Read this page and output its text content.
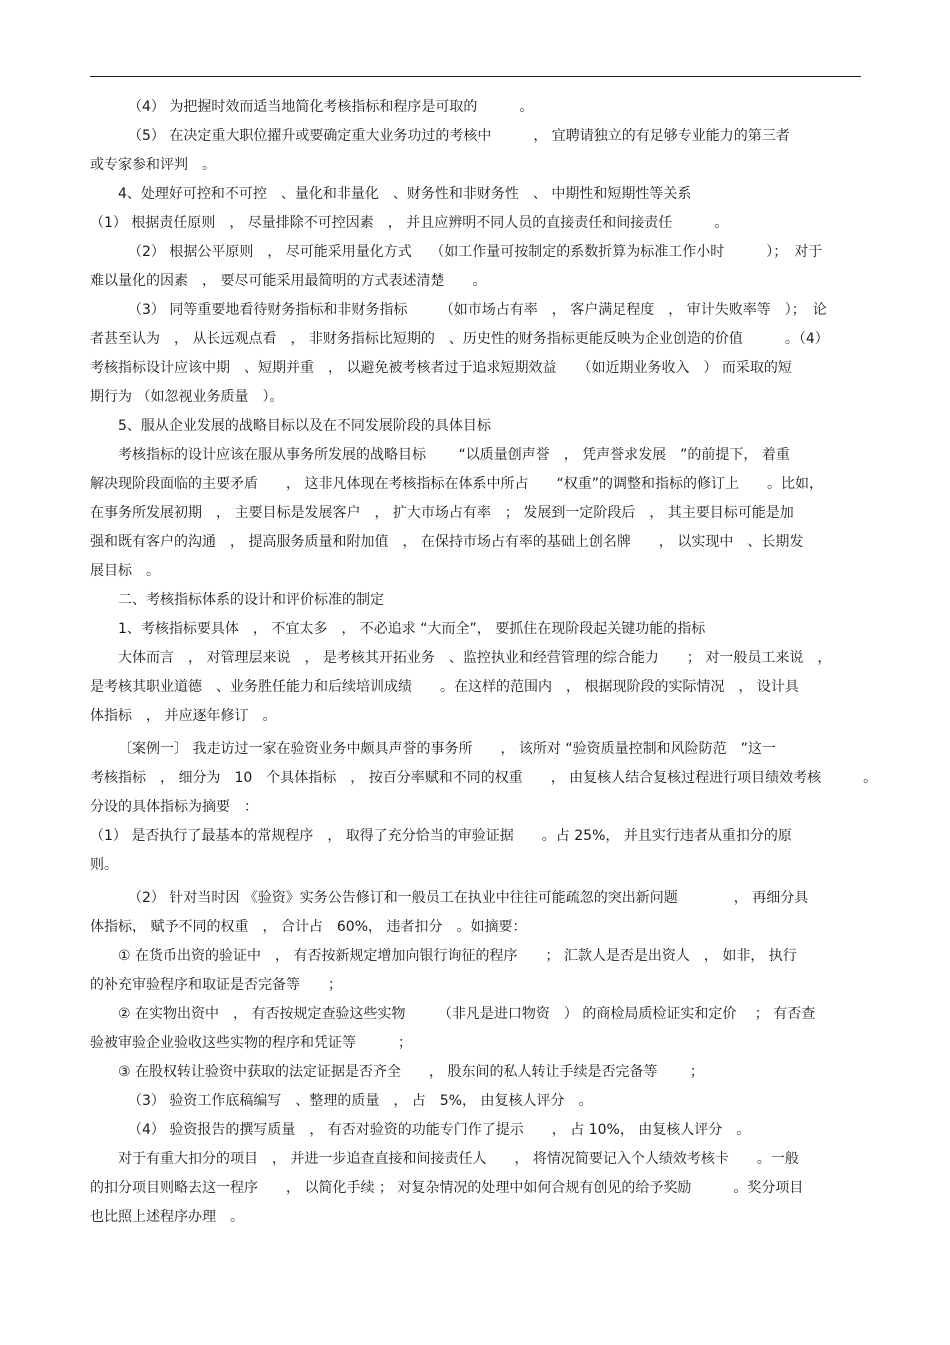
（4） 为把握时效而适当地简化考核指标和程序是可取的　　　。
（5） 在决定重大职位擢升或要确定重大业务功过的考核中　　　， 宜聘请独立的有足够专业能力的第三者
或专家参和评判　。
4、处理好可控和不可控　、量化和非量化　、财务性和非财务性　、 中期性和短期性等关系
（1） 根据责任原则　， 尽量排除不可控因素　， 并且应辨明不同人员的直接责任和间接责任　　　。
（2） 根据公平原则　， 尽可能采用量化方式　 （如工作量可按制定的系数折算为标准工作小时　　　）；　对于
难以量化的因素　， 要尽可能采用最简明的方式表述清楚　　。
（3） 同等重要地看待财务指标和非财务指标　　 （如市场占有率　， 客户满足程度　， 审计失败率等　）；　论
者甚至认为　， 从长远观点看　， 非财务指标比短期的　、历史性的财务指标更能反映为企业创造的价值　　　。（4）
考核指标设计应该中期　、短期并重　， 以避免被考核者过于追求短期效益　　（如近期业务收入　） 而采取的短
期行为 （如忽视业务质量　）。
5、服从企业发展的战略目标以及在不同发展阶段的具体目标
考核指标的设计应该在服从事务所发展的战略目标　　 “以质量创声誉　， 凭声誉求发展　”的前提下， 着重
解决现阶段面临的主要矛盾　　， 这非凡体现在考核指标在体系中所占　　“权重”的调整和指标的修订上　　。比如，
在事务所发展初期　， 主要目标是发展客户　， 扩大市场占有率　； 发展到一定阶段后　， 其主要目标可能是加
强和既有客户的沟通　， 提高服务质量和附加值　， 在保持市场占有率的基础上创名牌　　， 以实现中　、长期发
展目标　。
二、考核指标体系的设计和评价标准的制定
1、考核指标要具体　， 不宜太多　， 不必追求 “大而全”， 要抓住在现阶段起关键功能的指标
大体而言　， 对管理层来说　， 是考核其开拓业务　、监控执业和经营管理的综合能力　　； 对一般员工来说　，
是考核其职业道德　、业务胜任能力和后续培训成绩　　。在这样的范围内　， 根据现阶段的实际情况　， 设计具
体指标　， 并应逐年修订　。
〔案例一〕 我走访过一家在验资业务中颇具声誉的事务所　　， 该所对 “验资质量控制和风险防范　”这一
考核指标　， 细分为　10　个具体指标　， 按百分率赋和不同的权重　　， 由复核人结合复核过程进行项目绩效考核　　　。
分设的具体指标为摘要　：
（1） 是否执行了最基本的常规程序　， 取得了充分恰当的审验证据　　。占 25%， 并且实行违者从重扣分的原
则。
（2） 针对当时因 《验资》实务公告修订和一般员工在执业中往往可能疏忽的突出新问题　　　　， 再细分具
体指标， 赋予不同的权重　， 合计占　60%， 违者扣分　。如摘要：
① 在货币出资的验证中　， 有否按新规定增加向银行询征的程序　　； 汇款人是否是出资人　， 如非， 执行
的补充审验程序和取证是否完备等　　；
② 在实物出资中　， 有否按规定查验这些实物　　 （非凡是进口物资　） 的商检局质检证实和定价　 ； 有否查
验被审验企业验收这些实物的程序和凭证等　　　；
③ 在股权转让验资中获取的法定证据是否齐全　　， 股东间的私人转让手续是否完备等　　 ；
（3） 验资工作底稿编写　、整理的质量　， 占　5%， 由复核人评分　。
（4） 验资报告的撰写质量　， 有否对验资的功能专门作了提示　　， 占 10%， 由复核人评分　。
对于有重大扣分的项目　， 并进一步追查直接和间接责任人　　， 将情况简要记入个人绩效考核卡　　。一般
的扣分项目则略去这一程序　　， 以简化手续 ； 对复杂情况的处理中如何合规有创见的给予奖励　　　。奖分项目
也比照上述程序办理　。
